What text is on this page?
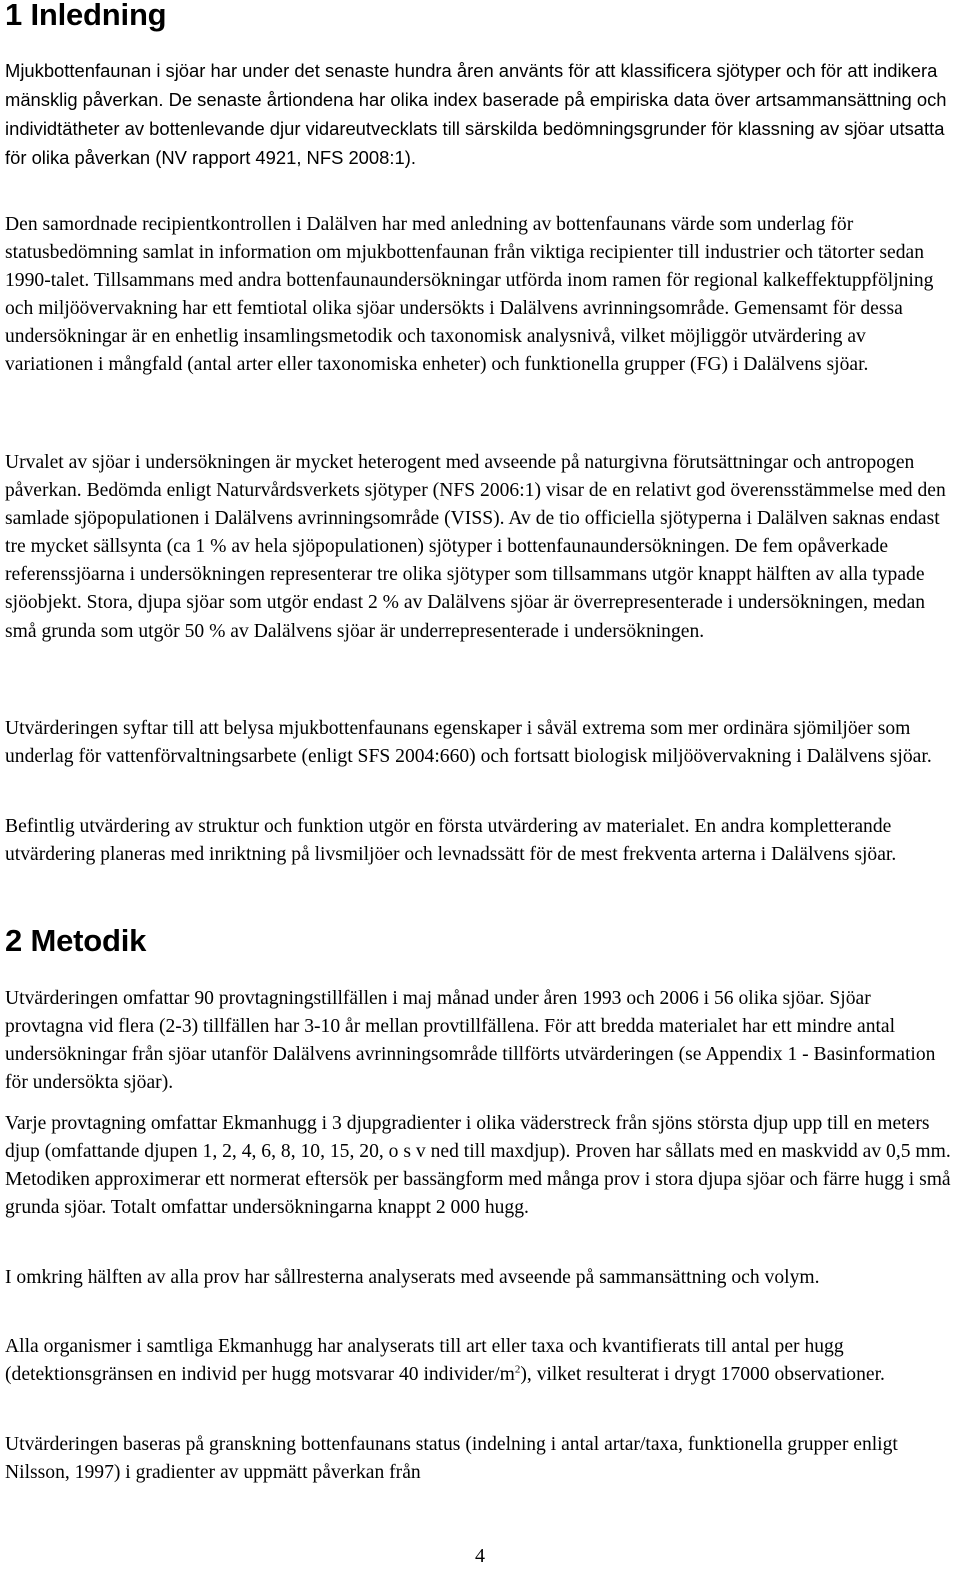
1 Inledning

Mjukbottenfaunan i sjöar har under det senaste hundra åren använts för att klassificera sjötyper och för att indikera mänsklig påverkan. De senaste årtiondena har olika index baserade på empiriska data över artsammansättning och individtätheter av bottenlevande djur vidareutvecklats till särskilda bedömningsgrunder för klassning av sjöar utsatta för olika påverkan (NV rapport 4921, NFS 2008:1).

Den samordnade recipientkontrollen i Dalälven har med anledning av bottenfaunans värde som underlag för statusbedömning samlat in information om mjukbottenfaunan från viktiga recipienter till industrier och tätorter sedan 1990-talet. Tillsammans med andra bottenfaunaundersökningar utförda inom ramen för regional kalkeffektuppföljning och miljöövervakning har ett femtiotal olika sjöar undersökts i Dalälvens avrinningsområde. Gemensamt för dessa undersökningar är en enhetlig insamlingsmetodik och taxonomisk analysnivå, vilket möjliggör utvärdering av variationen i mångfald (antal arter eller taxonomiska enheter) och funktionella grupper (FG) i Dalälvens sjöar.

Urvalet av sjöar i undersökningen är mycket heterogent med avseende på naturgivna förutsättningar och antropogen påverkan. Bedömda enligt Naturvårdsverkets sjötyper (NFS 2006:1) visar de en relativt god överensstämmelse med den samlade sjöpopulationen i Dalälvens avrinningsområde (VISS). Av de tio officiella sjötyperna i Dalälven saknas endast tre mycket sällsynta (ca 1 % av hela sjöpopulationen) sjötyper i bottenfaunaundersökningen. De fem opåverkade referenssjöarna i undersökningen representerar tre olika sjötyper som tillsammans utgör knappt hälften av alla typade sjöobjekt. Stora, djupa sjöar som utgör endast 2 % av Dalälvens sjöar är överrepresenterade i undersökningen, medan små grunda som utgör 50 % av Dalälvens sjöar är underrepresenterade i undersökningen.

Utvärderingen syftar till att belysa mjukbottenfaunans egenskaper i såväl extrema som mer ordinära sjömiljöer som underlag för vattenförvaltningsarbete (enligt SFS 2004:660) och fortsatt biologisk miljöövervakning i Dalälvens sjöar.

Befintlig utvärdering av struktur och funktion utgör en första utvärdering av materialet. En andra kompletterande utvärdering planeras med inriktning på livsmiljöer och levnadssätt för de mest frekventa arterna i Dalälvens sjöar.

2 Metodik

Utvärderingen omfattar 90 provtagningstillfällen i maj månad under åren 1993 och 2006 i 56 olika sjöar. Sjöar provtagna vid flera (2-3) tillfällen har 3-10 år mellan provtillfällena. För att bredda materialet har ett mindre antal undersökningar från sjöar utanför Dalälvens avrinningsområde tillförts utvärderingen (se Appendix 1 - Basinformation för undersökta sjöar).

Varje provtagning omfattar Ekmanhugg i 3 djupgradienter i olika väderstreck från sjöns största djup upp till en meters djup (omfattande djupen 1, 2, 4, 6, 8, 10, 15, 20, o s v ned till maxdjup). Proven har sållats med en maskvidd av 0,5 mm. Metodiken approximerar ett normerat eftersök per bassängform med många prov i stora djupa sjöar och färre hugg i små grunda sjöar. Totalt omfattar undersökningarna knappt 2 000 hugg.

I omkring hälften av alla prov har sållresterna analyserats med avseende på sammansättning och volym.

Alla organismer i samtliga Ekmanhugg har analyserats till art eller taxa och kvantifierats till antal per hugg (detektionsgränsen en individ per hugg motsvarar 40 individer/$m^2$), vilket resulterat i drygt 17000 observationer.

Utvärderingen baseras på granskning bottenfaunans status (indelning i antal artar/taxa, funktionella grupper enligt Nilsson, 1997) i gradienter av uppmätt påverkan från

4
